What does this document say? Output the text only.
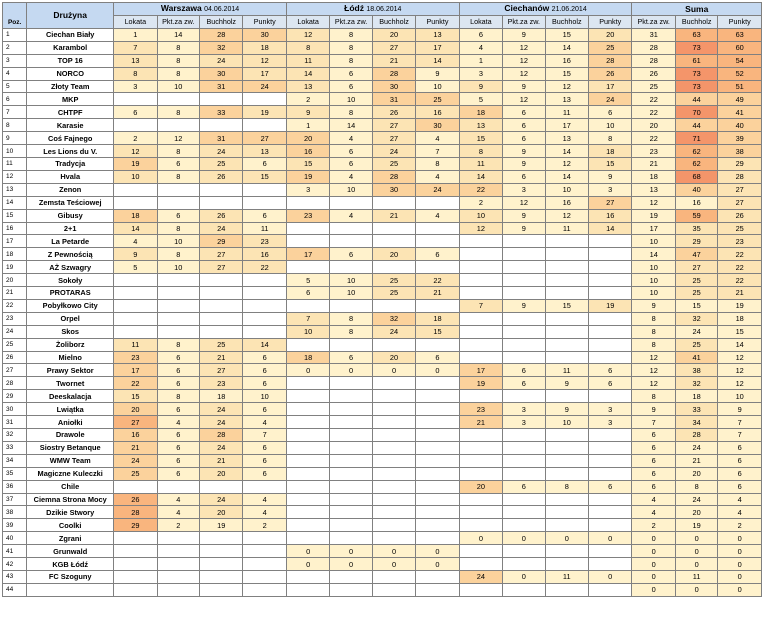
Poz.	Drużyna	Warszawa 04.06.2014				Łódź 18.06.2014				Ciechanów 21.06.2014				Suma		
		Lokata	Pkt.za zw.	Buchholz	Punkty	Lokata	Pkt.za zw.	Buchholz	Punkty	Lokata	Pkt.za zw.	Buchholz	Punkty	Pkt.za zw.	Buchholz	Punkty
1	Ciechan Biały	1	14	28	30	12	8	20	13	6	9	15	20	31	63	63
2	Karambol	7	8	32	18	8	8	27	17	4	12	14	25	28	73	60
3	TOP 16	13	8	24	12	11	8	21	14	1	12	16	28	28	61	54
4	NORCO	8	8	30	17	14	6	28	9	3	12	15	26	26	73	52
5	Złoty Team	3	10	31	24	13	6	30	10	9	9	12	17	25	73	51
6	MKP					2	10	31	25	5	12	13	24	22	44	49
7	CHTPF	6	8	33	19	9	8	26	16	18	6	11	6	22	70	41
8	Karasie					1	14	27	30	13	6	17	10	20	44	40
9	Coś Fajnego	2	12	31	27	20	4	27	4	15	6	13	8	22	71	39
10	Les Lions du V.	12	8	24	13	16	6	24	7	8	9	14	18	23	62	38
11	Tradycja	19	6	25	6	15	6	25	8	11	9	12	15	21	62	29
12	Hvala	10	8	26	15	19	4	28	4	14	6	14	9	18	68	28
13	Zenon					3	10	30	24	22	3	10	3	13	40	27
14	Zemsta Teściowej									2	12	16	27	12	16	27
15	Gibusy	18	6	26	6	23	4	21	4	10	9	12	16	19	59	26
16	2+1	14	8	24	11					12	9	11	14	17	35	25
17	La Petarde	4	10	29	23									10	29	23
18	Z Pewnością	9	8	27	16	17	6	20	6					14	47	22
19	AŻ Szwagry	5	10	27	22									10	27	22
20	Sokoły					5	10	25	22					10	25	22
21	PROTARAS					6	10	25	21					10	25	21
22	Pobyłkowo City									7	9	15	19	9	15	19
23	Orpel					7	8	32	18					8	32	18
24	Skos					10	8	24	15					8	24	15
25	Żoliborz	11	8	25	14									8	25	14
26	Mielno	23	6	21	6	18	6	20	6					12	41	12
27	Prawy Sektor	17	6	27	6	0	0	0	0	17	6	11	6	12	38	12
28	Twornet	22	6	23	6					19	6	9	6	12	32	12
29	Deeskalacja	15	8	18	10									8	18	10
30	Lwiątka	20	6	24	6					23	3	9	3	9	33	9
31	Aniołki	27	4	24	4					21	3	10	3	7	34	7
32	Drawole	16	6	28	7									6	28	7
33	Siostry Betanque	21	6	24	6									6	24	6
34	WMW Team	24	6	21	6									6	21	6
35	Magiczne Kuleczki	25	6	20	6									6	20	6
36	Chile									20	6	8	6	6	8	6
37	Ciemna Strona Mocy	26	4	24	4									4	24	4
38	Dzikie Stwory	28	4	20	4									4	20	4
39	Coolki	29	2	19	2									2	19	2
40	Zgrani									0	0	0	0	0	0	0
41	Grunwald					0	0	0	0					0	0	0
42	KGB Łódź					0	0	0	0					0	0	0
43	FC Szoguny									24	0	11	0	0	11	0
44														0	0	0
